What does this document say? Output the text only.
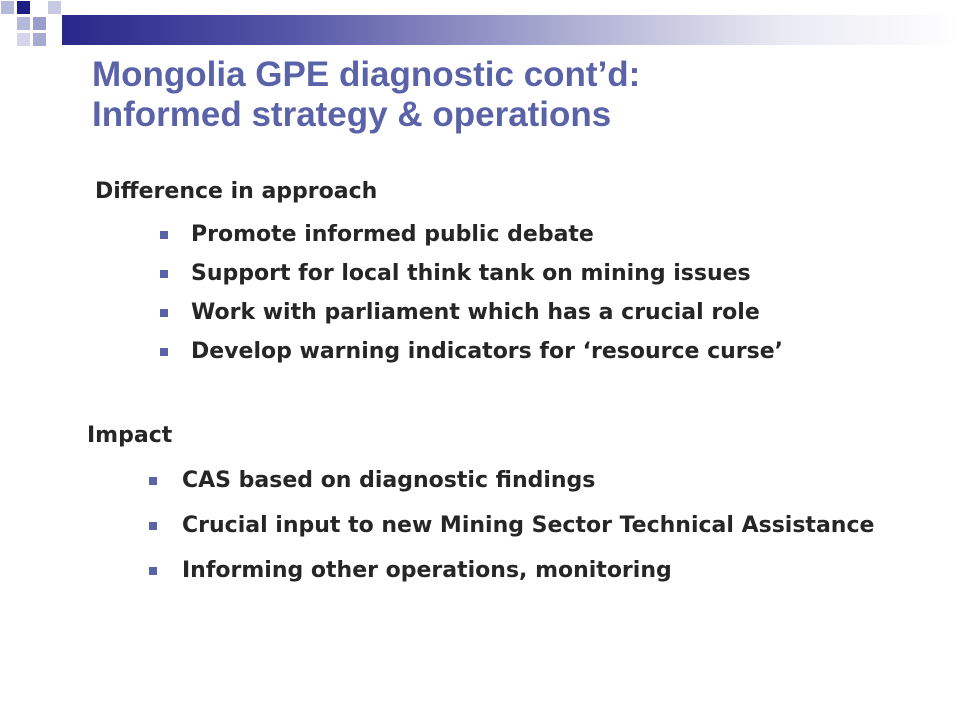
Mongolia GPE diagnostic cont’d:
Informed strategy & operations
Difference in approach
Promote informed public debate
Support for local think tank on mining issues
Work with parliament which has a crucial role
Develop warning indicators for ‘resource curse’
Impact
CAS based on diagnostic findings
Crucial input to new Mining Sector Technical Assistance
Informing other operations, monitoring
